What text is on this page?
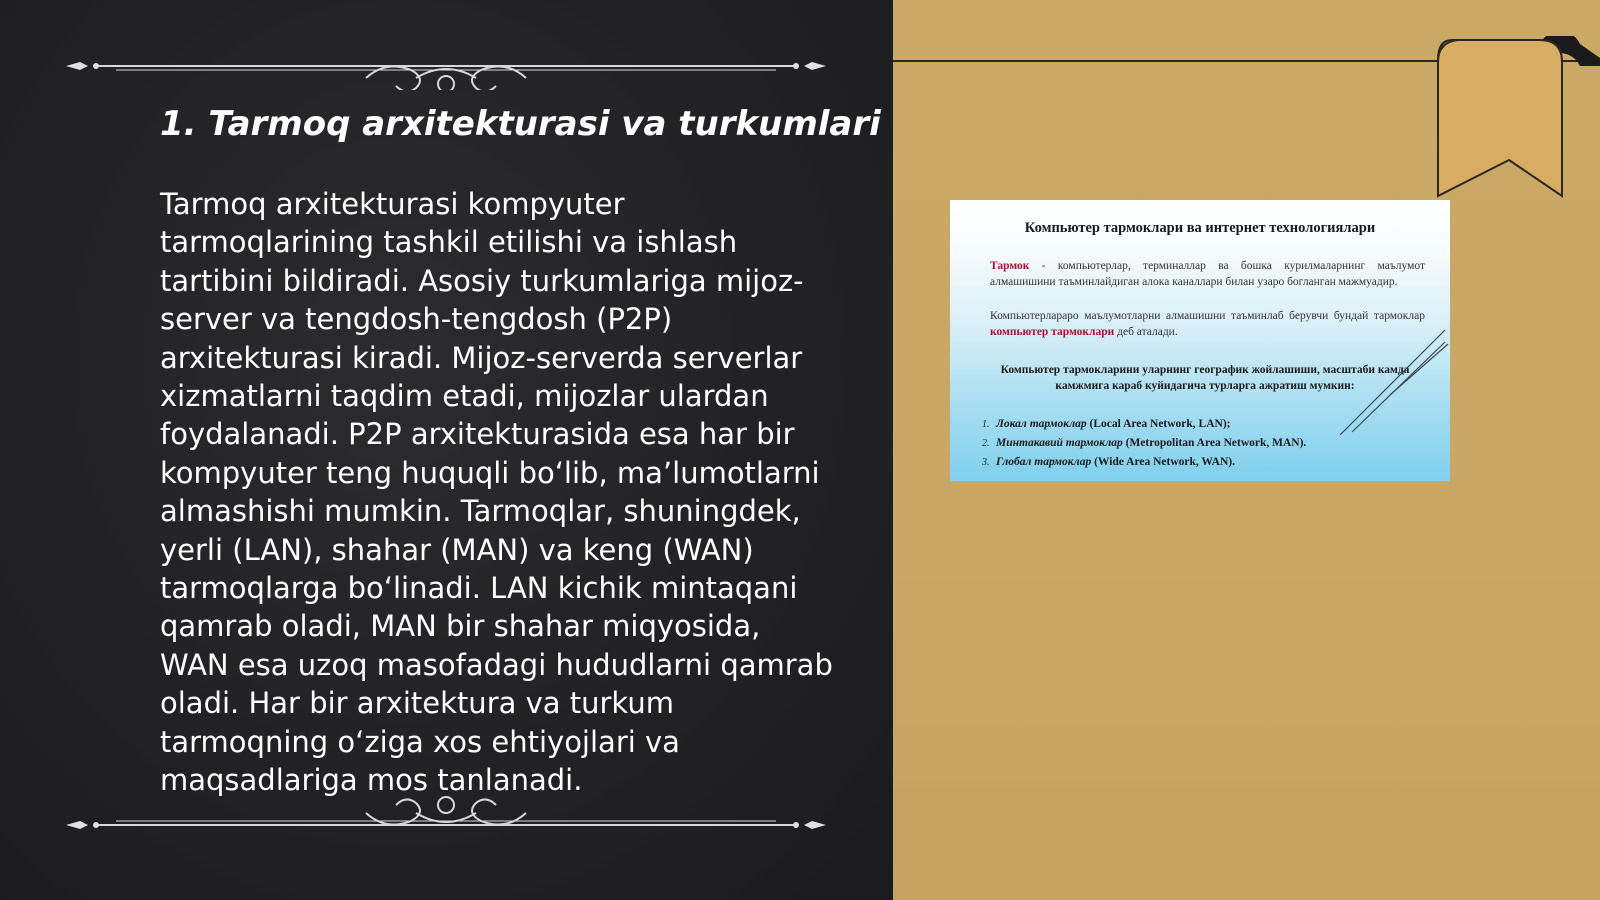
1. Tarmoq arxitekturasi va turkumlari

Tarmoq arxitekturasi kompyuter tarmoqlarining tashkil etilishi va ishlash tartibini bildiradi. Asosiy turkumlariga mijoz-server va tengdosh-tengdosh (P2P) arxitekturasi kiradi. Mijoz-serverda serverlar xizmatlarni taqdim etadi, mijozlar ulardan foydalanadi. P2P arxitekturasida esa har bir kompyuter teng huquqli bo‘lib, ma’lumotlarni almashishi mumkin. Tarmoqlar, shuningdek, yerli (LAN), shahar (MAN) va keng (WAN) tarmoqlarga bo‘linadi. LAN kichik mintaqani qamrab oladi, MAN bir shahar miqyosida, WAN esa uzoq masofadagi hududlarni qamrab oladi. Har bir arxitektura va turkum tarmoqning o‘ziga xos ehtiyojlari va maqsadlariga mos tanlanadi.

Компьютер тармоклари ва интернет технологиялари

Тармок - компьютерлар, терминаллар ва бошка курилмаларнинг маълумот алмашишини таъминлайдиган алока каналлари билан узаро богланган мажмуадир.

Компьютерлараро маълумотларни алмашишни таъминлаб берувчи бундай тармоклар компьютер тармоклари деб аталади.

Компьютер тармокларини уларнинг географик жойлашиши, масштаби камда камжмига караб куйидагича турларга ажратиш мумкин:

1. Локал тармоклар (Local Area Network, LAN);
2. Минтакавий тармоклар (Metropolitan Area Network, MAN).
3. Глобал тармоклар (Wide Area Network, WAN).
